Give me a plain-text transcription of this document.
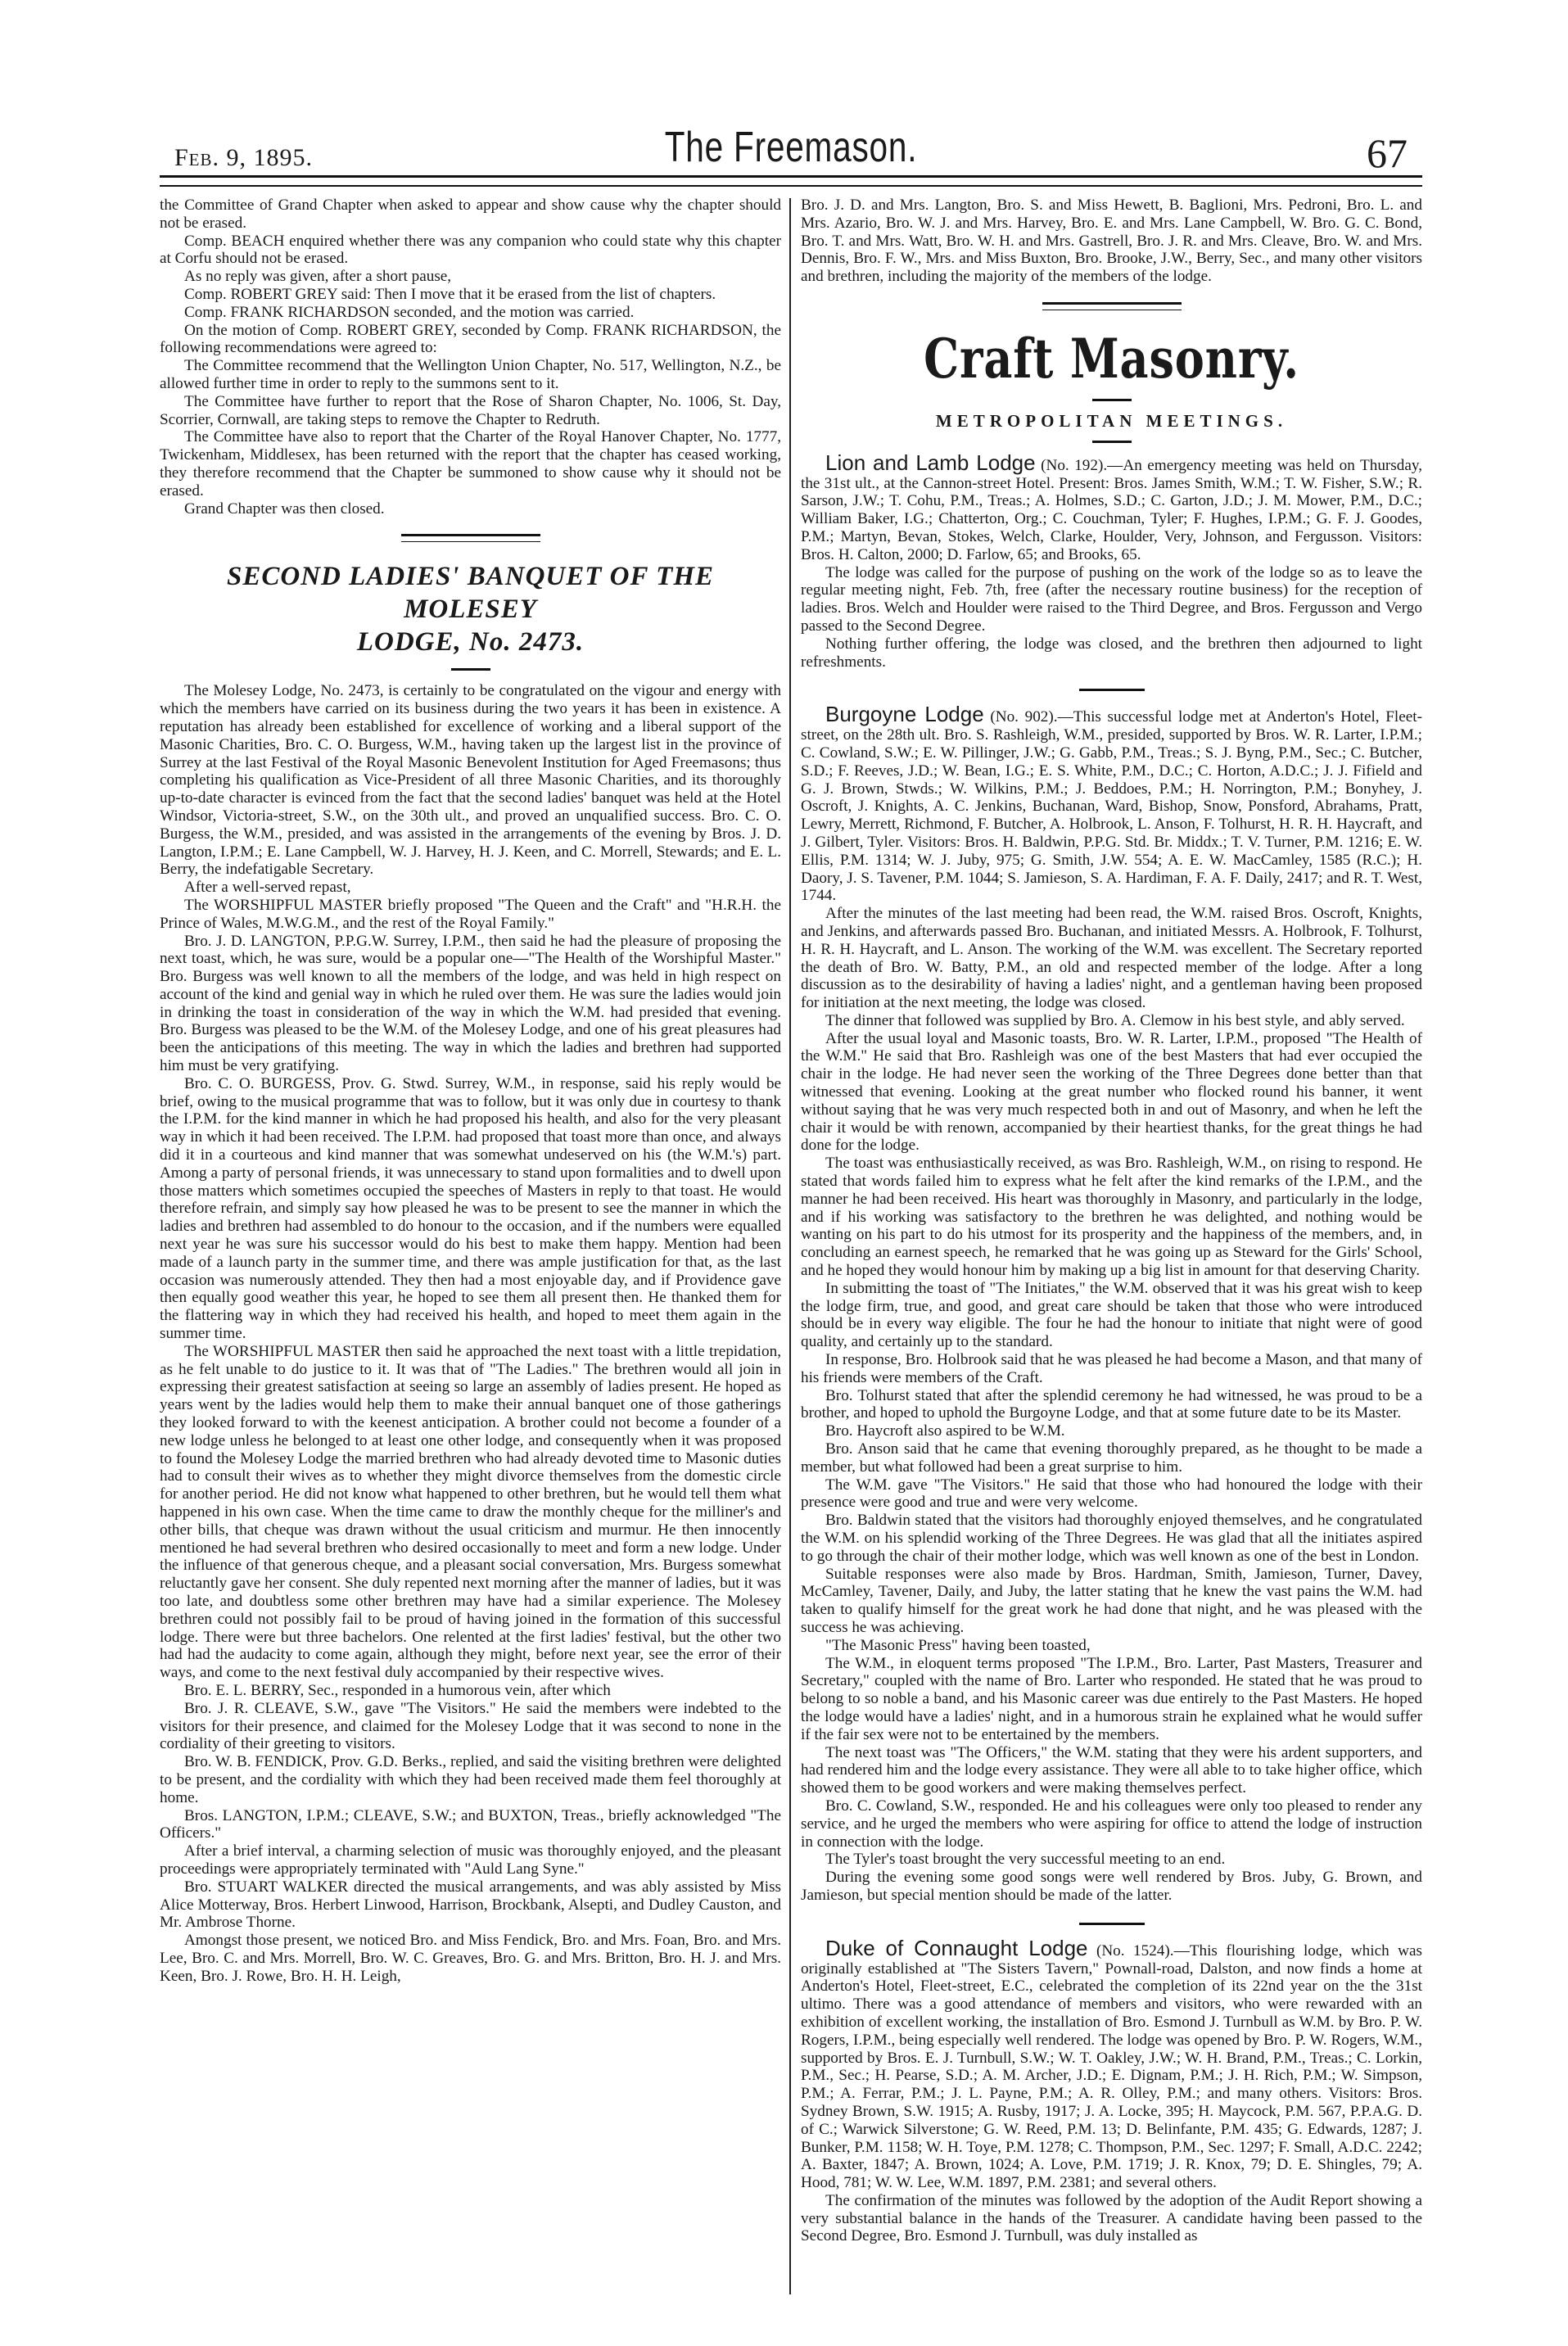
Feb. 9, 1895.	The Freemason.	67

the Committee of Grand Chapter when asked to appear and show cause why the chapter should not be erased.

Comp. BEACH enquired whether there was any companion who could state why this chapter at Corfu should not be erased.

As no reply was given, after a short pause,

Comp. ROBERT GREY said: Then I move that it be erased from the list of chapters.

Comp. FRANK RICHARDSON seconded, and the motion was carried.

On the motion of Comp. ROBERT GREY, seconded by Comp. FRANK RICHARDSON, the following recommendations were agreed to:

The Committee recommend that the Wellington Union Chapter, No. 517, Wellington, N.Z., be allowed further time in order to reply to the summons sent to it.

The Committee have further to report that the Rose of Sharon Chapter, No. 1006, St. Day, Scorrier, Cornwall, are taking steps to remove the Chapter to Redruth.

The Committee have also to report that the Charter of the Royal Hanover Chapter, No. 1777, Twickenham, Middlesex, has been returned with the report that the chapter has ceased working, they therefore recommend that the Chapter be summoned to show cause why it should not be erased.

Grand Chapter was then closed.

SECOND LADIES' BANQUET OF THE MOLESEY
LODGE, No. 2473.

The Molesey Lodge, No. 2473, is certainly to be congratulated on the vigour and energy with which the members have carried on its business during the two years it has been in existence. A reputation has already been established for excellence of working and a liberal support of the Masonic Charities, Bro. C. O. Burgess, W.M., having taken up the largest list in the province of Surrey at the last Festival of the Royal Masonic Benevolent Institution for Aged Freemasons; thus completing his qualification as Vice-President of all three Masonic Charities, and its thoroughly up-to-date character is evinced from the fact that the second ladies' banquet was held at the Hotel Windsor, Victoria-street, S.W., on the 30th ult., and proved an unqualified success. Bro. C. O. Burgess, the W.M., presided, and was assisted in the arrangements of the evening by Bros. J. D. Langton, I.P.M.; E. Lane Campbell, W. J. Harvey, H. J. Keen, and C. Morrell, Stewards; and E. L. Berry, the indefatigable Secretary.

After a well-served repast,

The WORSHIPFUL MASTER briefly proposed "The Queen and the Craft" and "H.R.H. the Prince of Wales, M.W.G.M., and the rest of the Royal Family."

Bro. J. D. LANGTON, P.P.G.W. Surrey, I.P.M., then said he had the pleasure of proposing the next toast, which, he was sure, would be a popular one—"The Health of the Worshipful Master." Bro. Burgess was well known to all the members of the lodge, and was held in high respect on account of the kind and genial way in which he ruled over them. He was sure the ladies would join in drinking the toast in consideration of the way in which the W.M. had presided that evening. Bro. Burgess was pleased to be the W.M. of the Molesey Lodge, and one of his great pleasures had been the anticipations of this meeting. The way in which the ladies and brethren had supported him must be very gratifying.

Bro. C. O. BURGESS, Prov. G. Stwd. Surrey, W.M., in response, said his reply would be brief, owing to the musical programme that was to follow, but it was only due in courtesy to thank the I.P.M. for the kind manner in which he had proposed his health, and also for the very pleasant way in which it had been received. The I.P.M. had proposed that toast more than once, and always did it in a courteous and kind manner that was somewhat undeserved on his (the W.M.'s) part. Among a party of personal friends, it was unnecessary to stand upon formalities and to dwell upon those matters which sometimes occupied the speeches of Masters in reply to that toast. He would therefore refrain, and simply say how pleased he was to be present to see the manner in which the ladies and brethren had assembled to do honour to the occasion, and if the numbers were equalled next year he was sure his successor would do his best to make them happy. Mention had been made of a launch party in the summer time, and there was ample justification for that, as the last occasion was numerously attended. They then had a most enjoyable day, and if Providence gave then equally good weather this year, he hoped to see them all present then. He thanked them for the flattering way in which they had received his health, and hoped to meet them again in the summer time.

The WORSHIPFUL MASTER then said he approached the next toast with a little trepidation, as he felt unable to do justice to it. It was that of "The Ladies." The brethren would all join in expressing their greatest satisfaction at seeing so large an assembly of ladies present. He hoped as years went by the ladies would help them to make their annual banquet one of those gatherings they looked forward to with the keenest anticipation. A brother could not become a founder of a new lodge unless he belonged to at least one other lodge, and consequently when it was proposed to found the Molesey Lodge the married brethren who had already devoted time to Masonic duties had to consult their wives as to whether they might divorce themselves from the domestic circle for another period. He did not know what happened to other brethren, but he would tell them what happened in his own case. When the time came to draw the monthly cheque for the milliner's and other bills, that cheque was drawn without the usual criticism and murmur. He then innocently mentioned he had several brethren who desired occasionally to meet and form a new lodge. Under the influence of that generous cheque, and a pleasant social conversation, Mrs. Burgess somewhat reluctantly gave her consent. She duly repented next morning after the manner of ladies, but it was too late, and doubtless some other brethren may have had a similar experience. The Molesey brethren could not possibly fail to be proud of having joined in the formation of this successful lodge. There were but three bachelors. One relented at the first ladies' festival, but the other two had had the audacity to come again, although they might, before next year, see the error of their ways, and come to the next festival duly accompanied by their respective wives.

Bro. E. L. BERRY, Sec., responded in a humorous vein, after which

Bro. J. R. CLEAVE, S.W., gave "The Visitors." He said the members were indebted to the visitors for their presence, and claimed for the Molesey Lodge that it was second to none in the cordiality of their greeting to visitors.

Bro. W. B. FENDICK, Prov. G.D. Berks., replied, and said the visiting brethren were delighted to be present, and the cordiality with which they had been received made them feel thoroughly at home.

Bros. LANGTON, I.P.M.; CLEAVE, S.W.; and BUXTON, Treas., briefly acknowledged "The Officers."

After a brief interval, a charming selection of music was thoroughly enjoyed, and the pleasant proceedings were appropriately terminated with "Auld Lang Syne."

Bro. STUART WALKER directed the musical arrangements, and was ably assisted by Miss Alice Motterway, Bros. Herbert Linwood, Harrison, Brockbank, Alsepti, and Dudley Causton, and Mr. Ambrose Thorne.

Amongst those present, we noticed Bro. and Miss Fendick, Bro. and Mrs. Foan, Bro. and Mrs. Lee, Bro. C. and Mrs. Morrell, Bro. W. C. Greaves, Bro. G. and Mrs. Britton, Bro. H. J. and Mrs. Keen, Bro. J. Rowe, Bro. H. H. Leigh,

Bro. J. D. and Mrs. Langton, Bro. S. and Miss Hewett, B. Baglioni, Mrs. Pedroni, Bro. L. and Mrs. Azario, Bro. W. J. and Mrs. Harvey, Bro. E. and Mrs. Lane Campbell, W. Bro. G. C. Bond, Bro. T. and Mrs. Watt, Bro. W. H. and Mrs. Gastrell, Bro. J. R. and Mrs. Cleave, Bro. W. and Mrs. Dennis, Bro. F. W., Mrs. and Miss Buxton, Bro. Brooke, J.W., Berry, Sec., and many other visitors and brethren, including the majority of the members of the lodge.

Craft Masonry.
METROPOLITAN MEETINGS.

Lion and Lamb Lodge (No. 192).—An emergency meeting was held on Thursday, the 31st ult., at the Cannon-street Hotel. Present: Bros. James Smith, W.M.; T. W. Fisher, S.W.; R. Sarson, J.W.; T. Cohu, P.M., Treas.; A. Holmes, S.D.; C. Garton, J.D.; J. M. Mower, P.M., D.C.; William Baker, I.G.; Chatterton, Org.; C. Couchman, Tyler; F. Hughes, I.P.M.; G. F. J. Goodes, P.M.; Martyn, Bevan, Stokes, Welch, Clarke, Houlder, Very, Johnson, and Fergusson. Visitors: Bros. H. Calton, 2000; D. Farlow, 65; and Brooks, 65.

The lodge was called for the purpose of pushing on the work of the lodge so as to leave the regular meeting night, Feb. 7th, free (after the necessary routine business) for the reception of ladies. Bros. Welch and Houlder were raised to the Third Degree, and Bros. Fergusson and Vergo passed to the Second Degree.

Nothing further offering, the lodge was closed, and the brethren then adjourned to light refreshments.

Burgoyne Lodge (No. 902).—This successful lodge met at Anderton's Hotel, Fleet-street, on the 28th ult. Bro. S. Rashleigh, W.M., presided, supported by Bros. W. R. Larter, I.P.M.; C. Cowland, S.W.; E. W. Pillinger, J.W.; G. Gabb, P.M., Treas.; S. J. Byng, P.M., Sec.; C. Butcher, S.D.; F. Reeves, J.D.; W. Bean, I.G.; E. S. White, P.M., D.C.; C. Horton, A.D.C.; J. J. Fifield and G. J. Brown, Stwds.; W. Wilkins, P.M.; J. Beddoes, P.M.; H. Norrington, P.M.; Bonyhey, J. Oscroft, J. Knights, A. C. Jenkins, Buchanan, Ward, Bishop, Snow, Ponsford, Abrahams, Pratt, Lewry, Merrett, Richmond, F. Butcher, A. Holbrook, L. Anson, F. Tolhurst, H. R. H. Haycraft, and J. Gilbert, Tyler. Visitors: Bros. H. Baldwin, P.P.G. Std. Br. Middx.; T. V. Turner, P.M. 1216; E. W. Ellis, P.M. 1314; W. J. Juby, 975; G. Smith, J.W. 554; A. E. W. MacCamley, 1585 (R.C.); H. Daory, J. S. Tavener, P.M. 1044; S. Jamieson, S. A. Hardiman, F. A. F. Daily, 2417; and R. T. West, 1744.

After the minutes of the last meeting had been read, the W.M. raised Bros. Oscroft, Knights, and Jenkins, and afterwards passed Bro. Buchanan, and initiated Messrs. A. Holbrook, F. Tolhurst, H. R. H. Haycraft, and L. Anson. The working of the W.M. was excellent. The Secretary reported the death of Bro. W. Batty, P.M., an old and respected member of the lodge. After a long discussion as to the desirability of having a ladies' night, and a gentleman having been proposed for initiation at the next meeting, the lodge was closed.

The dinner that followed was supplied by Bro. A. Clemow in his best style, and ably served.

After the usual loyal and Masonic toasts, Bro. W. R. Larter, I.P.M., proposed "The Health of the W.M." He said that Bro. Rashleigh was one of the best Masters that had ever occupied the chair in the lodge. He had never seen the working of the Three Degrees done better than that witnessed that evening. Looking at the great number who flocked round his banner, it went without saying that he was very much respected both in and out of Masonry, and when he left the chair it would be with renown, accompanied by their heartiest thanks, for the great things he had done for the lodge.

The toast was enthusiastically received, as was Bro. Rashleigh, W.M., on rising to respond. He stated that words failed him to express what he felt after the kind remarks of the I.P.M., and the manner he had been received. His heart was thoroughly in Masonry, and particularly in the lodge, and if his working was satisfactory to the brethren he was delighted, and nothing would be wanting on his part to do his utmost for its prosperity and the happiness of the members, and, in concluding an earnest speech, he remarked that he was going up as Steward for the Girls' School, and he hoped they would honour him by making up a big list in amount for that deserving Charity.

In submitting the toast of "The Initiates," the W.M. observed that it was his great wish to keep the lodge firm, true, and good, and great care should be taken that those who were introduced should be in every way eligible. The four he had the honour to initiate that night were of good quality, and certainly up to the standard.

In response, Bro. Holbrook said that he was pleased he had become a Mason, and that many of his friends were members of the Craft.

Bro. Tolhurst stated that after the splendid ceremony he had witnessed, he was proud to be a brother, and hoped to uphold the Burgoyne Lodge, and that at some future date to be its Master.

Bro. Haycroft also aspired to be W.M.

Bro. Anson said that he came that evening thoroughly prepared, as he thought to be made a member, but what followed had been a great surprise to him.

The W.M. gave "The Visitors." He said that those who had honoured the lodge with their presence were good and true and were very welcome.

Bro. Baldwin stated that the visitors had thoroughly enjoyed themselves, and he congratulated the W.M. on his splendid working of the Three Degrees. He was glad that all the initiates aspired to go through the chair of their mother lodge, which was well known as one of the best in London.

Suitable responses were also made by Bros. Hardman, Smith, Jamieson, Turner, Davey, McCamley, Tavener, Daily, and Juby, the latter stating that he knew the vast pains the W.M. had taken to qualify himself for the great work he had done that night, and he was pleased with the success he was achieving.

"The Masonic Press" having been toasted,

The W.M., in eloquent terms proposed "The I.P.M., Bro. Larter, Past Masters, Treasurer and Secretary," coupled with the name of Bro. Larter who responded. He stated that he was proud to belong to so noble a band, and his Masonic career was due entirely to the Past Masters. He hoped the lodge would have a ladies' night, and in a humorous strain he explained what he would suffer if the fair sex were not to be entertained by the members.

The next toast was "The Officers," the W.M. stating that they were his ardent supporters, and had rendered him and the lodge every assistance. They were all able to to take higher office, which showed them to be good workers and were making themselves perfect.

Bro. C. Cowland, S.W., responded. He and his colleagues were only too pleased to render any service, and he urged the members who were aspiring for office to attend the lodge of instruction in connection with the lodge.

The Tyler's toast brought the very successful meeting to an end.

During the evening some good songs were well rendered by Bros. Juby, G. Brown, and Jamieson, but special mention should be made of the latter.

Duke of Connaught Lodge (No. 1524).—This flourishing lodge, which was originally established at "The Sisters Tavern," Pownall-road, Dalston, and now finds a home at Anderton's Hotel, Fleet-street, E.C., celebrated the completion of its 22nd year on the the 31st ultimo. There was a good attendance of members and visitors, who were rewarded with an exhibition of excellent working, the installation of Bro. Esmond J. Turnbull as W.M. by Bro. P. W. Rogers, I.P.M., being especially well rendered. The lodge was opened by Bro. P. W. Rogers, W.M., supported by Bros. E. J. Turnbull, S.W.; W. T. Oakley, J.W.; W. H. Brand, P.M., Treas.; C. Lorkin, P.M., Sec.; H. Pearse, S.D.; A. M. Archer, J.D.; E. Dignam, P.M.; J. H. Rich, P.M.; W. Simpson, P.M.; A. Ferrar, P.M.; J. L. Payne, P.M.; A. R. Olley, P.M.; and many others. Visitors: Bros. Sydney Brown, S.W. 1915; A. Rusby, 1917; J. A. Locke, 395; H. Maycock, P.M. 567, P.P.A.G. D. of C.; Warwick Silverstone; G. W. Reed, P.M. 13; D. Belinfante, P.M. 435; G. Edwards, 1287; J. Bunker, P.M. 1158; W. H. Toye, P.M. 1278; C. Thompson, P.M., Sec. 1297; F. Small, A.D.C. 2242; A. Baxter, 1847; A. Brown, 1024; A. Love, P.M. 1719; J. R. Knox, 79; D. E. Shingles, 79; A. Hood, 781; W. W. Lee, W.M. 1897, P.M. 2381; and several others.

The confirmation of the minutes was followed by the adoption of the Audit Report showing a very substantial balance in the hands of the Treasurer. A candidate having been passed to the Second Degree, Bro. Esmond J. Turnbull, was duly installed as
